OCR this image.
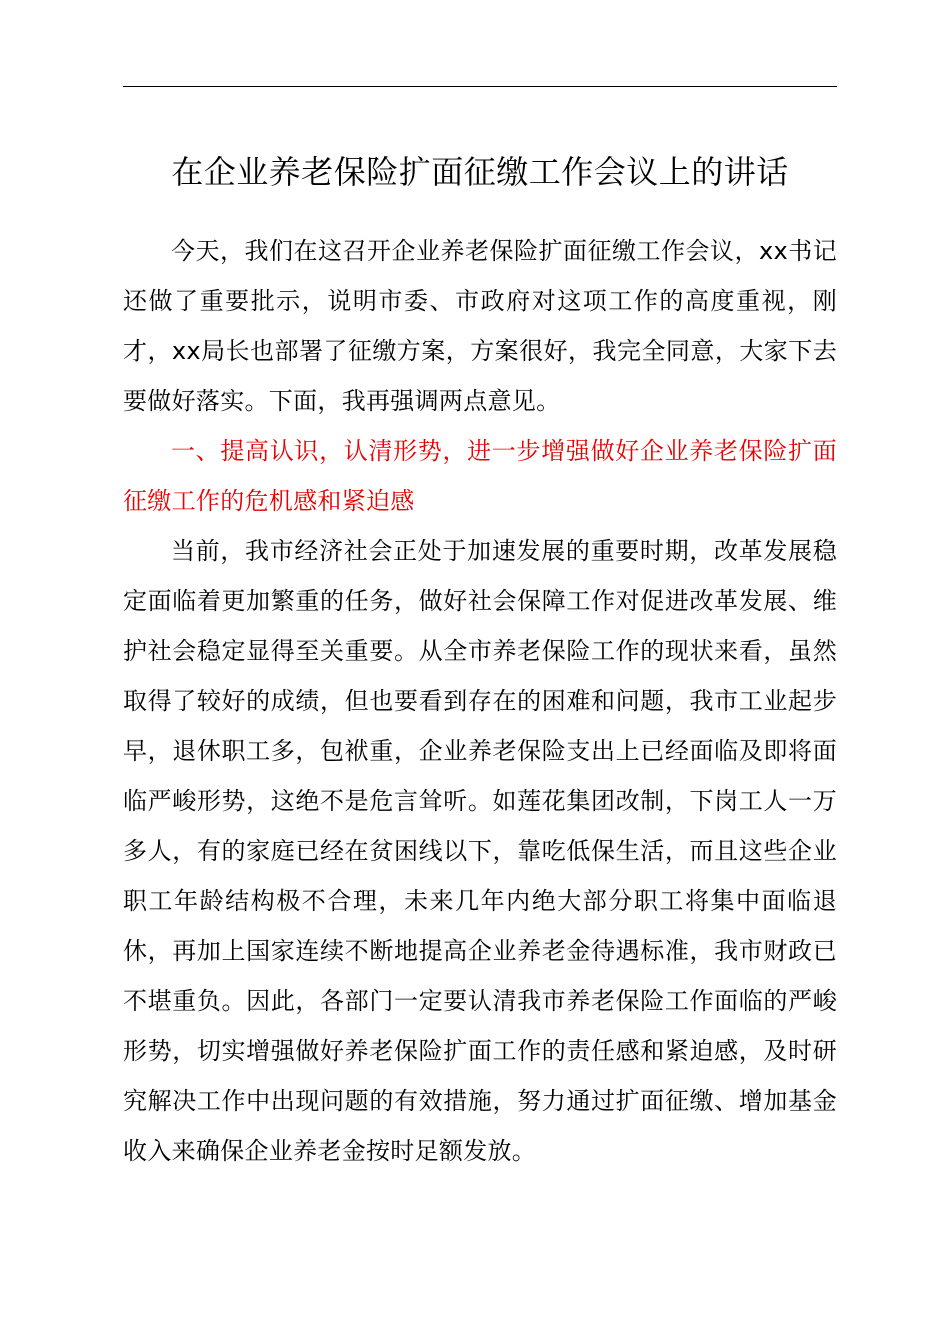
在企业养老保险扩面征缴工作会议上的讲话

今天，我们在这召开企业养老保险扩面征缴工作会议，xx书记还做了重要批示，说明市委、市政府对这项工作的高度重视，刚才，xx局长也部署了征缴方案，方案很好，我完全同意，大家下去要做好落实。下面，我再强调两点意见。

一、提高认识，认清形势，进一步增强做好企业养老保险扩面征缴工作的危机感和紧迫感

当前，我市经济社会正处于加速发展的重要时期，改革发展稳定面临着更加繁重的任务，做好社会保障工作对促进改革发展、维护社会稳定显得至关重要。从全市养老保险工作的现状来看，虽然取得了较好的成绩，但也要看到存在的困难和问题，我市工业起步早，退休职工多，包袱重，企业养老保险支出上已经面临及即将面临严峻形势，这绝不是危言耸听。如莲花集团改制，下岗工人一万多人，有的家庭已经在贫困线以下，靠吃低保生活，而且这些企业职工年龄结构极不合理，未来几年内绝大部分职工将集中面临退休，再加上国家连续不断地提高企业养老金待遇标准，我市财政已不堪重负。因此，各部门一定要认清我市养老保险工作面临的严峻形势，切实增强做好养老保险扩面工作的责任感和紧迫感，及时研究解决工作中出现问题的有效措施，努力通过扩面征缴、增加基金收入来确保企业养老金按时足额发放。
